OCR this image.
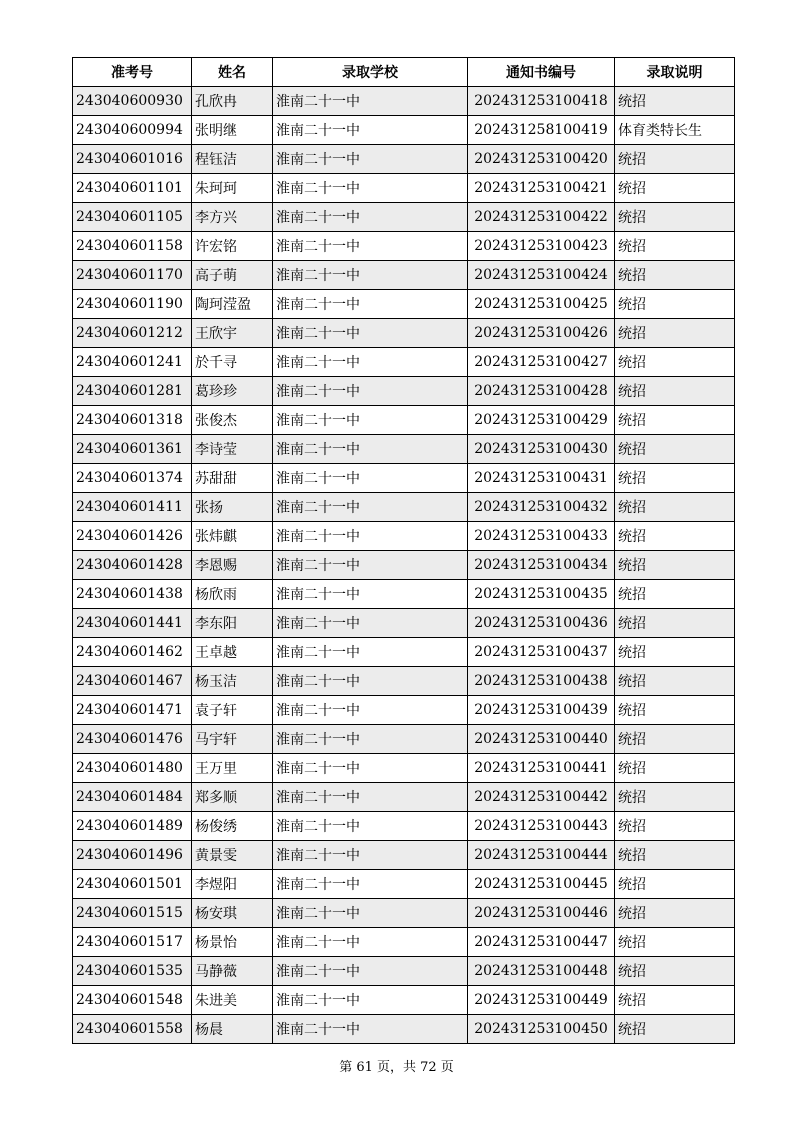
准考号	姓名	录取学校	通知书编号	录取说明
243040600930	孔欣冉	淮南二十一中	202431253100418	统招
243040600994	张明继	淮南二十一中	202431258100419	体育类特长生
243040601016	程钰洁	淮南二十一中	202431253100420	统招
243040601101	朱珂珂	淮南二十一中	202431253100421	统招
243040601105	李方兴	淮南二十一中	202431253100422	统招
243040601158	许宏铭	淮南二十一中	202431253100423	统招
243040601170	高子萌	淮南二十一中	202431253100424	统招
243040601190	陶珂滢盈	淮南二十一中	202431253100425	统招
243040601212	王欣宇	淮南二十一中	202431253100426	统招
243040601241	於千寻	淮南二十一中	202431253100427	统招
243040601281	葛珍珍	淮南二十一中	202431253100428	统招
243040601318	张俊杰	淮南二十一中	202431253100429	统招
243040601361	李诗莹	淮南二十一中	202431253100430	统招
243040601374	苏甜甜	淮南二十一中	202431253100431	统招
243040601411	张扬	淮南二十一中	202431253100432	统招
243040601426	张炜麒	淮南二十一中	202431253100433	统招
243040601428	李恩赐	淮南二十一中	202431253100434	统招
243040601438	杨欣雨	淮南二十一中	202431253100435	统招
243040601441	李东阳	淮南二十一中	202431253100436	统招
243040601462	王卓越	淮南二十一中	202431253100437	统招
243040601467	杨玉洁	淮南二十一中	202431253100438	统招
243040601471	袁子轩	淮南二十一中	202431253100439	统招
243040601476	马宇轩	淮南二十一中	202431253100440	统招
243040601480	王万里	淮南二十一中	202431253100441	统招
243040601484	郑多顺	淮南二十一中	202431253100442	统招
243040601489	杨俊绣	淮南二十一中	202431253100443	统招
243040601496	黄景雯	淮南二十一中	202431253100444	统招
243040601501	李煜阳	淮南二十一中	202431253100445	统招
243040601515	杨安琪	淮南二十一中	202431253100446	统招
243040601517	杨景怡	淮南二十一中	202431253100447	统招
243040601535	马静薇	淮南二十一中	202431253100448	统招
243040601548	朱进美	淮南二十一中	202431253100449	统招
243040601558	杨晨	淮南二十一中	202431253100450	统招
第 61 页，共 72 页
